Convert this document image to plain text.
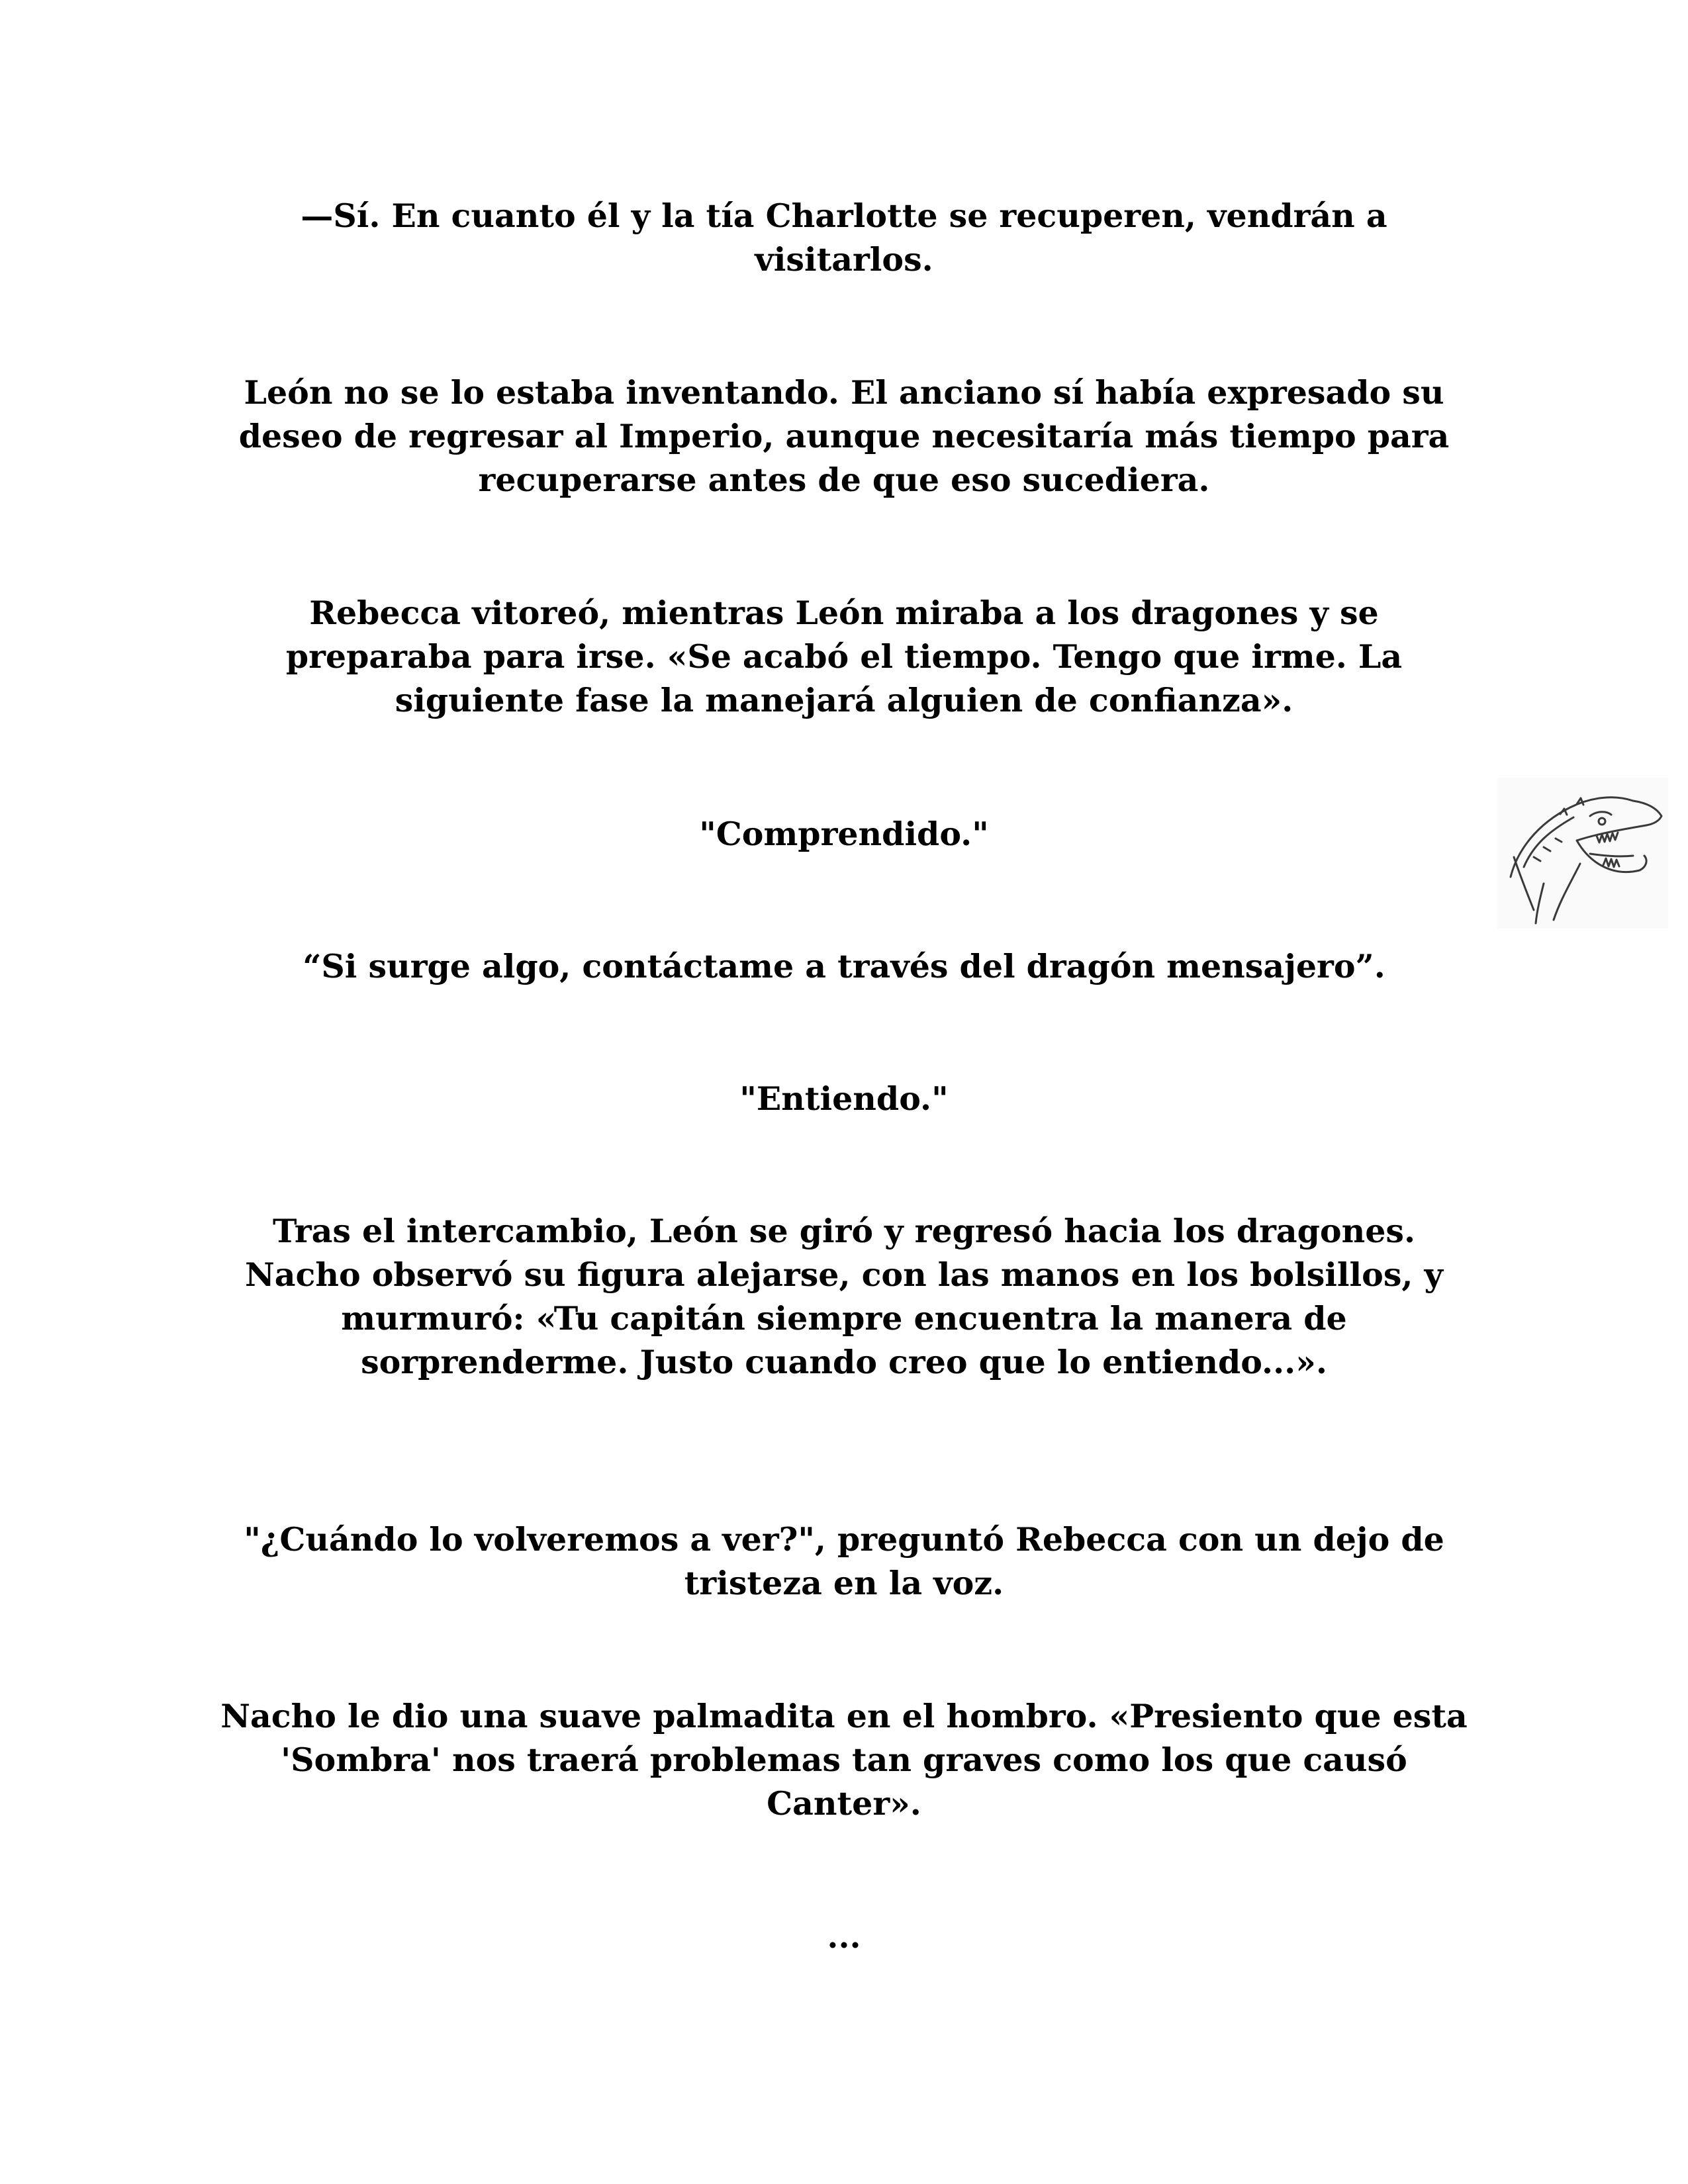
—Sí. En cuanto él y la tía Charlotte se recuperen, vendrán a visitarlos.

León no se lo estaba inventando. El anciano sí había expresado su deseo de regresar al Imperio, aunque necesitaría más tiempo para recuperarse antes de que eso sucediera.

Rebecca vitoreó, mientras León miraba a los dragones y se preparaba para irse. «Se acabó el tiempo. Tengo que irme. La siguiente fase la manejará alguien de confianza».

"Comprendido."

“Si surge algo, contáctame a través del dragón mensajero”.

"Entiendo."

Tras el intercambio, León se giró y regresó hacia los dragones. Nacho observó su figura alejarse, con las manos en los bolsillos, y murmuró: «Tu capitán siempre encuentra la manera de sorprenderme. Justo cuando creo que lo entiendo...».

"¿Cuándo lo volveremos a ver?", preguntó Rebecca con un dejo de tristeza en la voz.

Nacho le dio una suave palmadita en el hombro. «Presiento que esta 'Sombra' nos traerá problemas tan graves como los que causó Canter».

...
